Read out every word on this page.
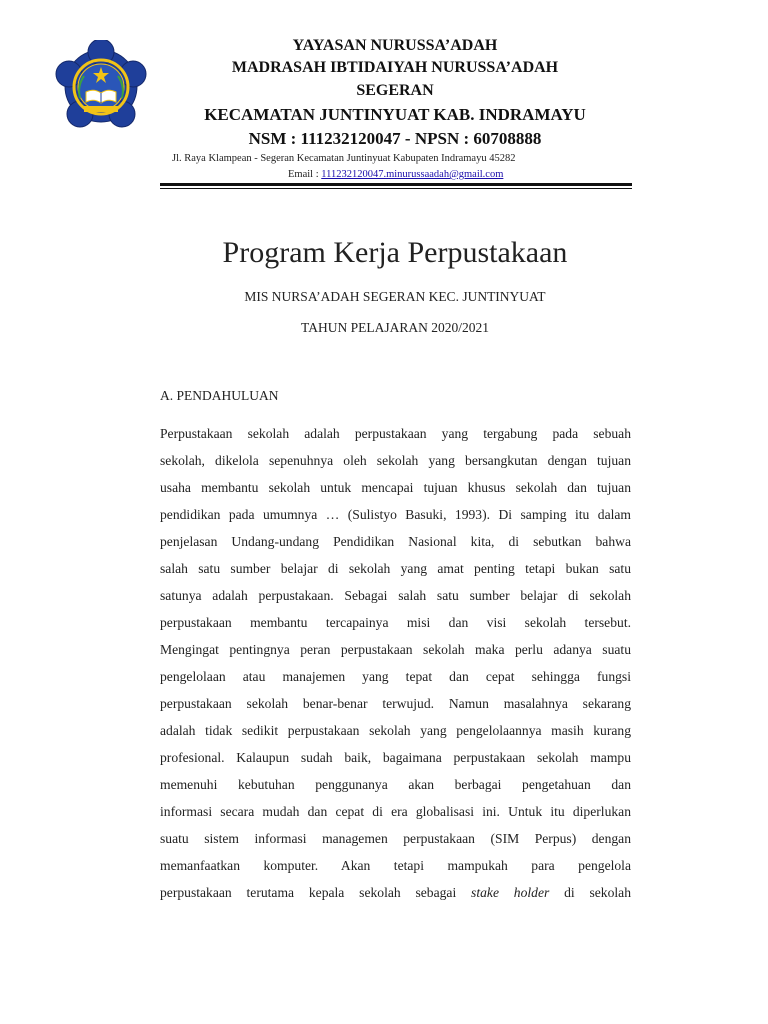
YAYASAN NURUSSA’ADAH
MADRASAH IBTIDAIYAH NURUSSA’ADAH
SEGERAN
KECAMATAN JUNTINYUAT KAB. INDRAMAYU
NSM : 111232120047 - NPSN : 60708888
Jl. Raya Klampean - Segeran Kecamatan Juntinyuat Kabupaten Indramayu 45282
Email : 111232120047.minurussaadah@gmail.com
Program Kerja Perpustakaan
MIS NURSA’ADAH SEGERAN KEC. JUNTINYUAT
TAHUN PELAJARAN 2020/2021
A. PENDAHULUAN
Perpustakaan sekolah adalah perpustakaan yang tergabung pada sebuah
sekolah, dikelola sepenuhnya oleh sekolah yang bersangkutan dengan tujuan
usaha membantu sekolah untuk mencapai tujuan khusus sekolah dan tujuan
pendidikan pada umumnya … (Sulistyo Basuki, 1993). Di samping itu dalam
penjelasan Undang-undang Pendidikan Nasional kita, di sebutkan bahwa
salah satu sumber belajar di sekolah yang amat penting tetapi bukan satu
satunya adalah perpustakaan. Sebagai salah satu sumber belajar di sekolah
perpustakaan membantu tercapainya misi dan visi sekolah tersebut.
Mengingat pentingnya peran perpustakaan sekolah maka perlu adanya suatu
pengelolaan atau manajemen yang tepat dan cepat sehingga fungsi
perpustakaan sekolah benar-benar terwujud. Namun masalahnya sekarang
adalah tidak sedikit perpustakaan sekolah yang pengelolaannya masih kurang
profesional. Kalaupun sudah baik, bagaimana perpustakaan sekolah mampu
memenuhi kebutuhan penggunanya akan berbagai pengetahuan dan
informasi secara mudah dan cepat di era globalisasi ini. Untuk itu diperlukan
suatu sistem informasi managemen perpustakaan (SIM Perpus) dengan
memanfaatkan komputer. Akan tetapi mampukah para pengelola
perpustakaan terutama kepala sekolah sebagai stake holder di sekolah
